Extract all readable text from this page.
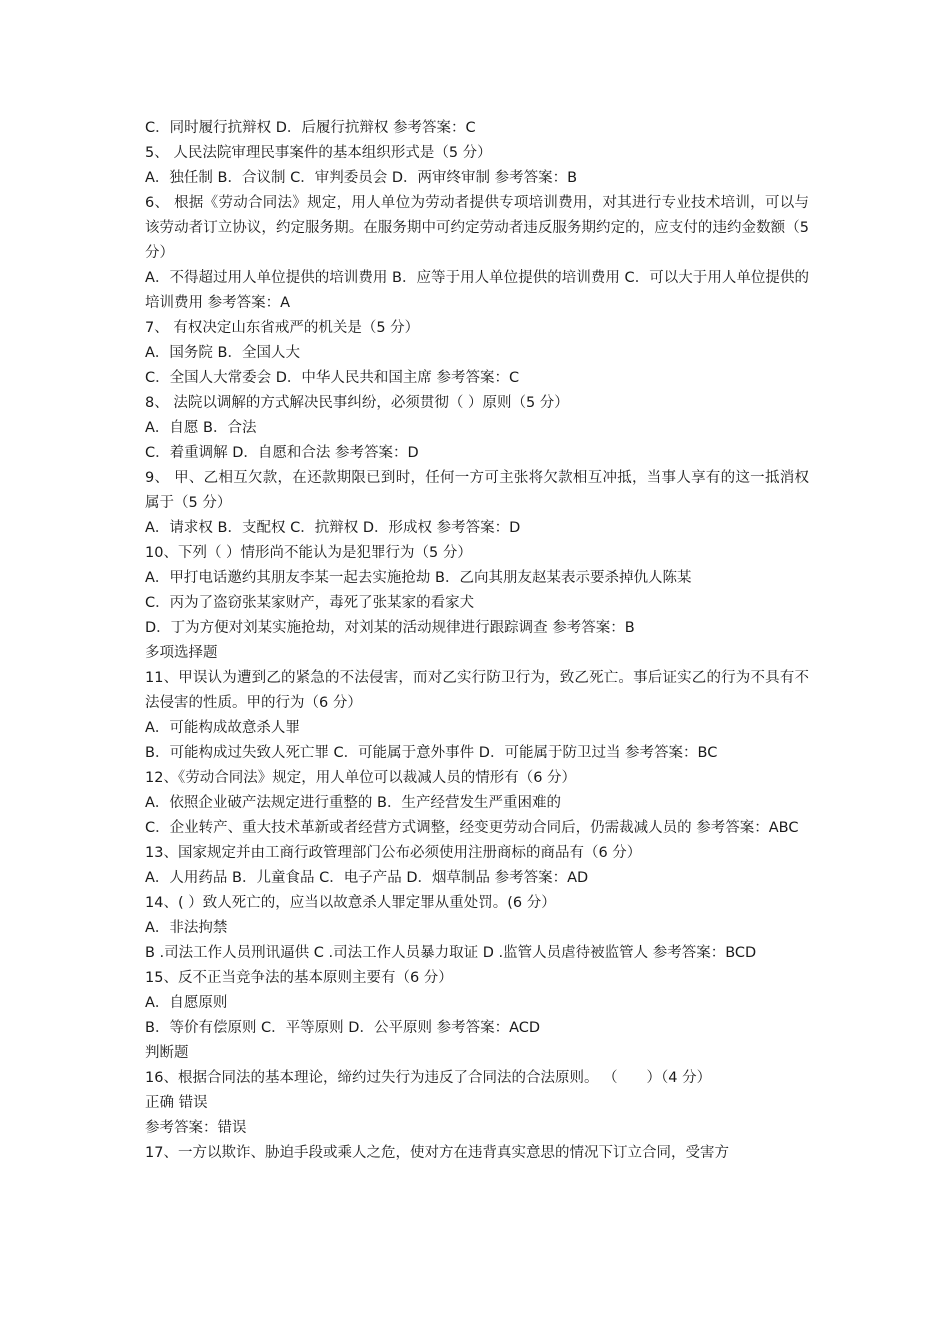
C．同时履行抗辩权 D．后履行抗辩权 参考答案：C
5、 人民法院审理民事案件的基本组织形式是（5 分）
A．独任制 B．合议制 C．审判委员会 D．两审终审制 参考答案：B
6、 根据《劳动合同法》规定，用人单位为劳动者提供专项培训费用，对其进行专业技术培训，可以与该劳动者订立协议，约定服务期。在服务期中可约定劳动者违反服务期约定的，应支付的违约金数额（5 分）
A．不得超过用人单位提供的培训费用 B．应等于用人单位提供的培训费用 C．可以大于用人单位提供的培训费用 参考答案：A
7、 有权决定山东省戒严的机关是（5 分）
A．国务院 B．全国人大
C．全国人大常委会 D．中华人民共和国主席 参考答案：C
8、 法院以调解的方式解决民事纠纷，必须贯彻（ ）原则（5 分）
A．自愿 B．合法
C．着重调解 D．自愿和合法 参考答案：D
9、 甲、乙相互欠款，在还款期限已到时，任何一方可主张将欠款相互冲抵，当事人享有的这一抵消权属于（5 分）
A．请求权 B．支配权 C．抗辩权 D．形成权 参考答案：D
10、下列（ ）情形尚不能认为是犯罪行为（5 分）
A．甲打电话邀约其朋友李某一起去实施抢劫 B．乙向其朋友赵某表示要杀掉仇人陈某
C．丙为了盗窃张某家财产，毒死了张某家的看家犬
D．丁为方便对刘某实施抢劫，对刘某的活动规律进行跟踪调查 参考答案：B
多项选择题
11、甲误认为遭到乙的紧急的不法侵害，而对乙实行防卫行为，致乙死亡。事后证实乙的行为不具有不法侵害的性质。甲的行为（6 分）
A．可能构成故意杀人罪
B．可能构成过失致人死亡罪 C．可能属于意外事件 D．可能属于防卫过当 参考答案：BC
12、《劳动合同法》规定，用人单位可以裁减人员的情形有（6 分）
A．依照企业破产法规定进行重整的 B．生产经营发生严重困难的
C．企业转产、重大技术革新或者经营方式调整，经变更劳动合同后，仍需裁减人员的 参考答案：ABC
13、国家规定并由工商行政管理部门公布必须使用注册商标的商品有（6 分）
A．人用药品 B．儿童食品 C．电子产品 D．烟草制品 参考答案：AD
14、( ）致人死亡的，应当以故意杀人罪定罪从重处罚。(6 分）
A．非法拘禁
B .司法工作人员刑讯逼供 C .司法工作人员暴力取证 D .监管人员虐待被监管人 参考答案：BCD
15、反不正当竞争法的基本原则主要有（6 分）
A．自愿原则
B．等价有偿原则 C．平等原则 D．公平原则 参考答案：ACD
判断题
16、根据合同法的基本理论，缔约过失行为违反了合同法的合法原则。 （　　）（4 分）
正确 错误
参考答案：错误
17、一方以欺诈、胁迫手段或乘人之危，使对方在违背真实意思的情况下订立合同，受害方
